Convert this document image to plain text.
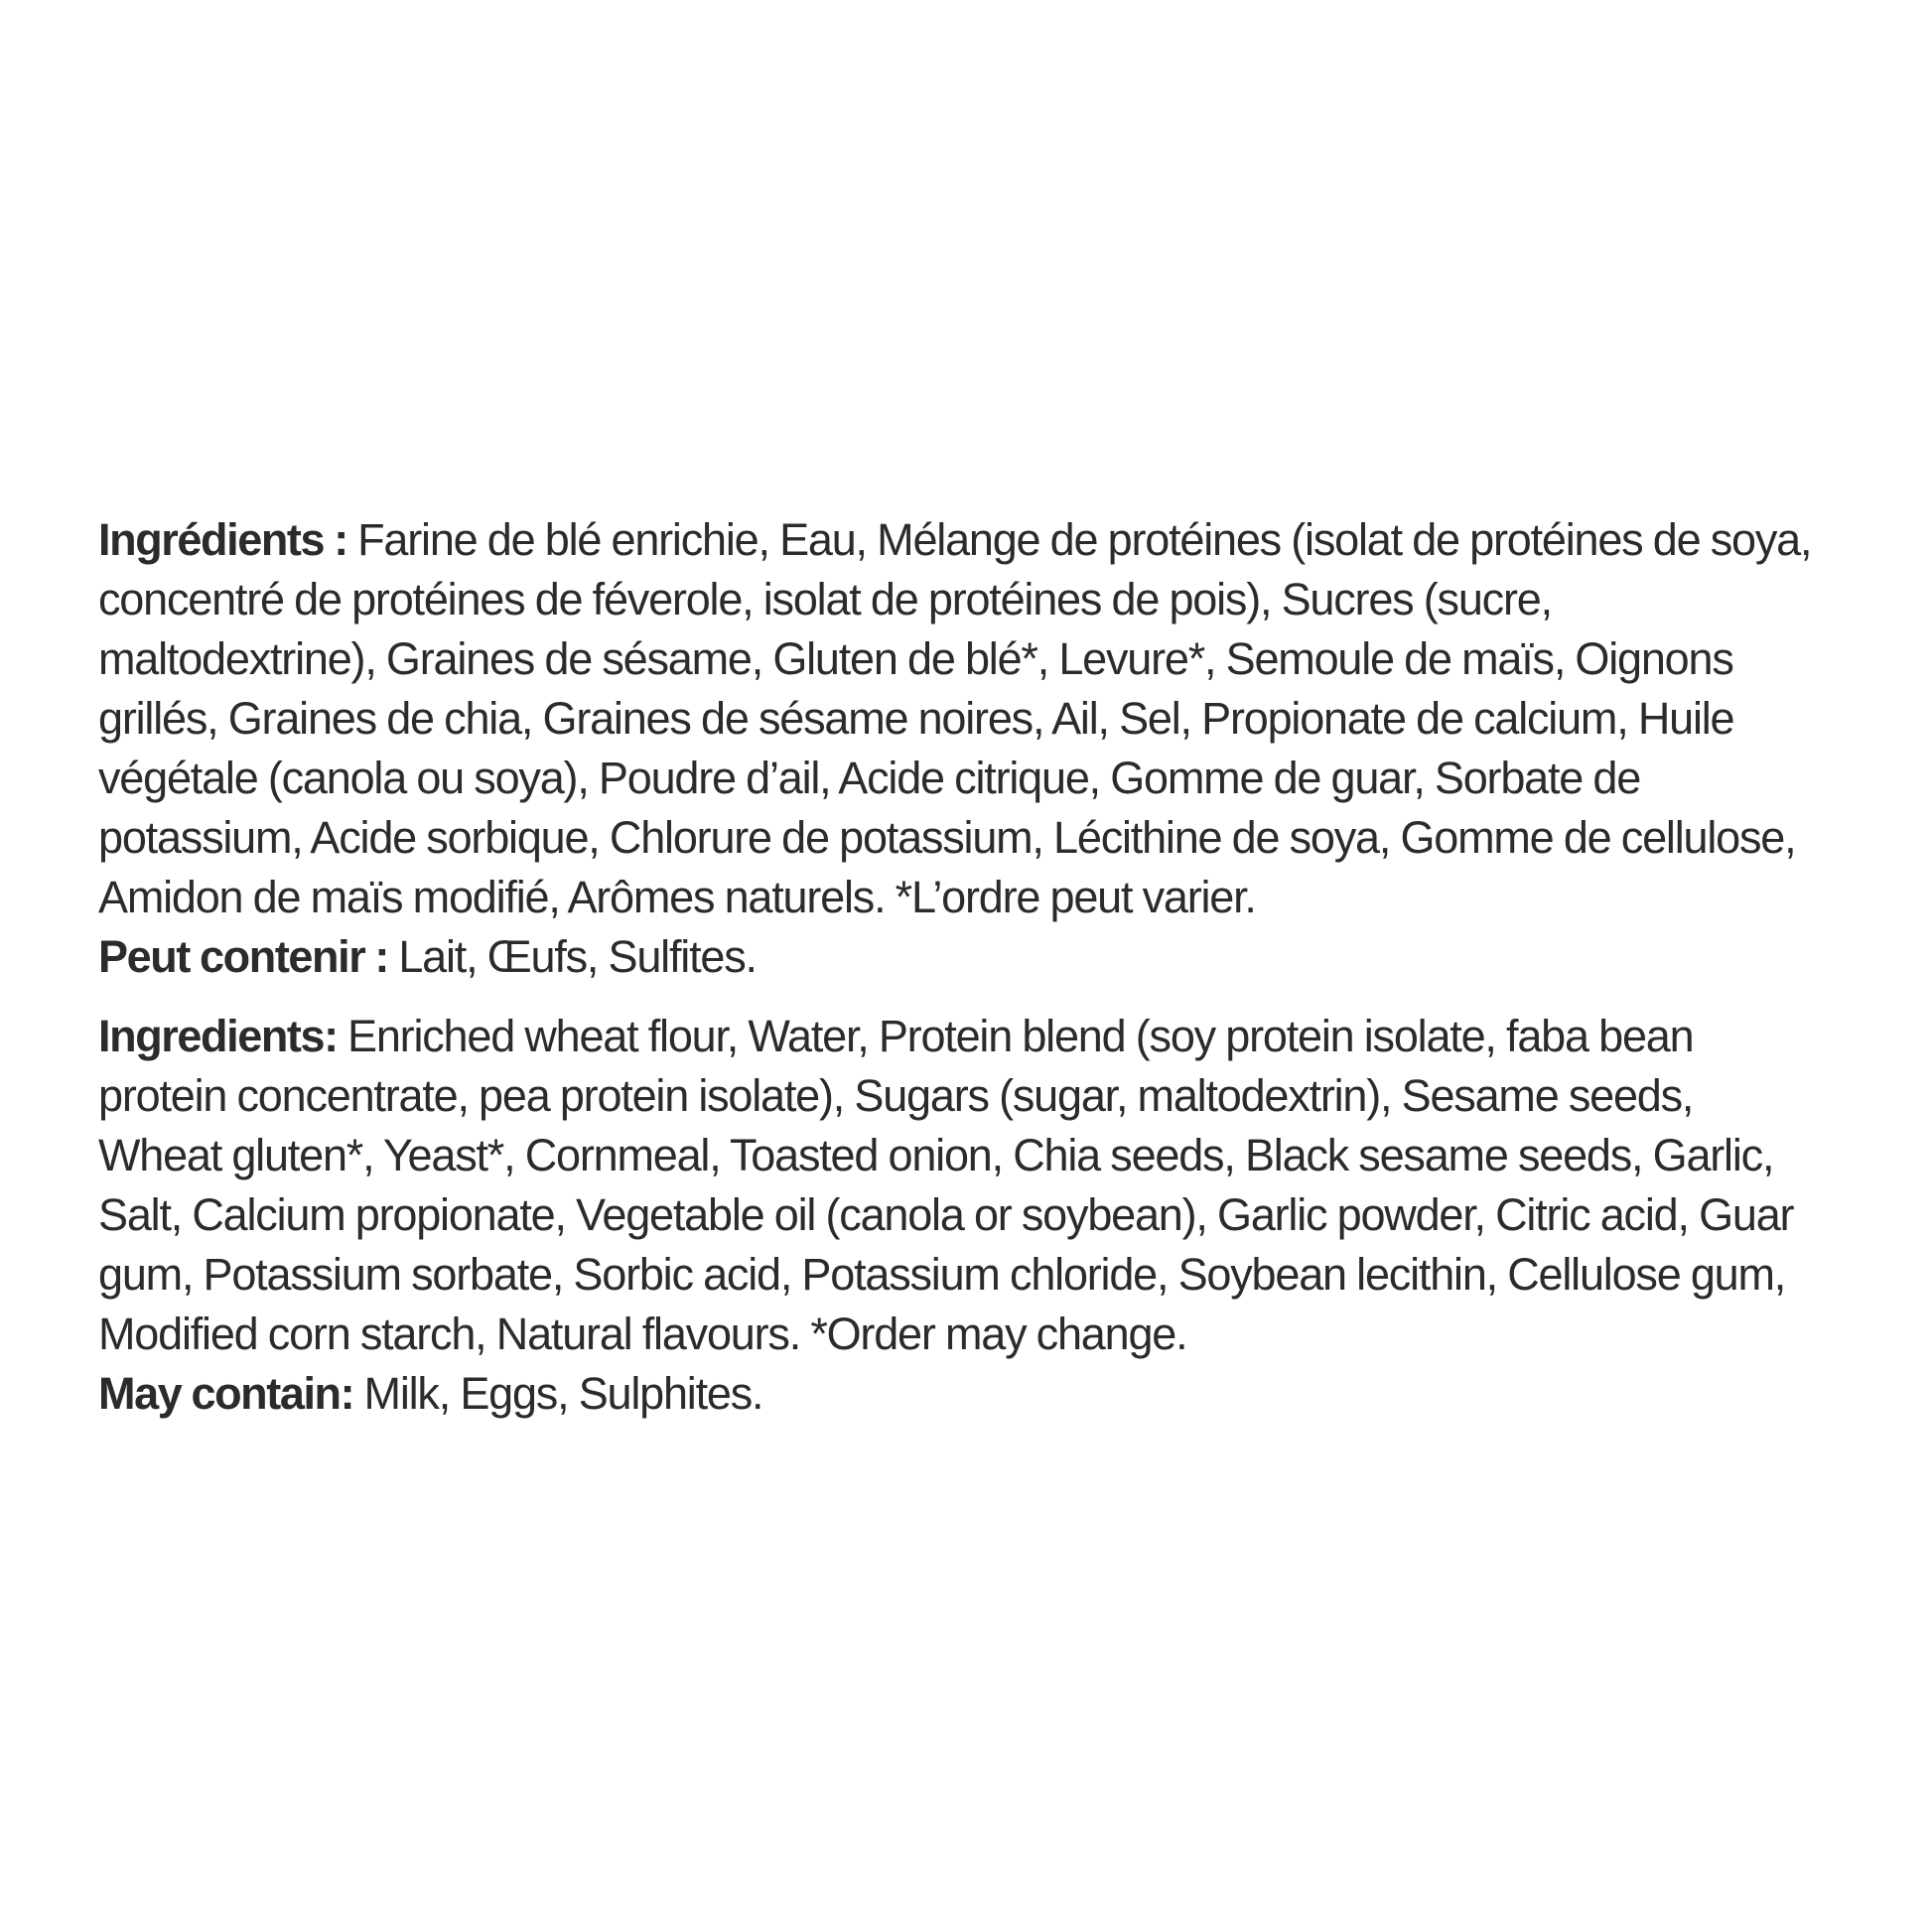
Ingrédients : Farine de blé enrichie, Eau, Mélange de protéines (isolat de protéines de soya,
concentré de protéines de féverole, isolat de protéines de pois), Sucres (sucre,
maltodextrine), Graines de sésame, Gluten de blé*, Levure*, Semoule de maïs, Oignons
grillés, Graines de chia, Graines de sésame noires, Ail, Sel, Propionate de calcium, Huile
végétale (canola ou soya), Poudre d’ail, Acide citrique, Gomme de guar, Sorbate de
potassium, Acide sorbique, Chlorure de potassium, Lécithine de soya, Gomme de cellulose,
Amidon de maïs modifié, Arômes naturels. *L’ordre peut varier.
Peut contenir : Lait, Œufs, Sulfites.
Ingredients: Enriched wheat flour, Water, Protein blend (soy protein isolate, faba bean
protein concentrate, pea protein isolate), Sugars (sugar, maltodextrin), Sesame seeds,
Wheat gluten*, Yeast*, Cornmeal, Toasted onion, Chia seeds, Black sesame seeds, Garlic,
Salt, Calcium propionate, Vegetable oil (canola or soybean), Garlic powder, Citric acid, Guar
gum, Potassium sorbate, Sorbic acid, Potassium chloride, Soybean lecithin, Cellulose gum,
Modified corn starch, Natural flavours. *Order may change.
May contain: Milk, Eggs, Sulphites.
